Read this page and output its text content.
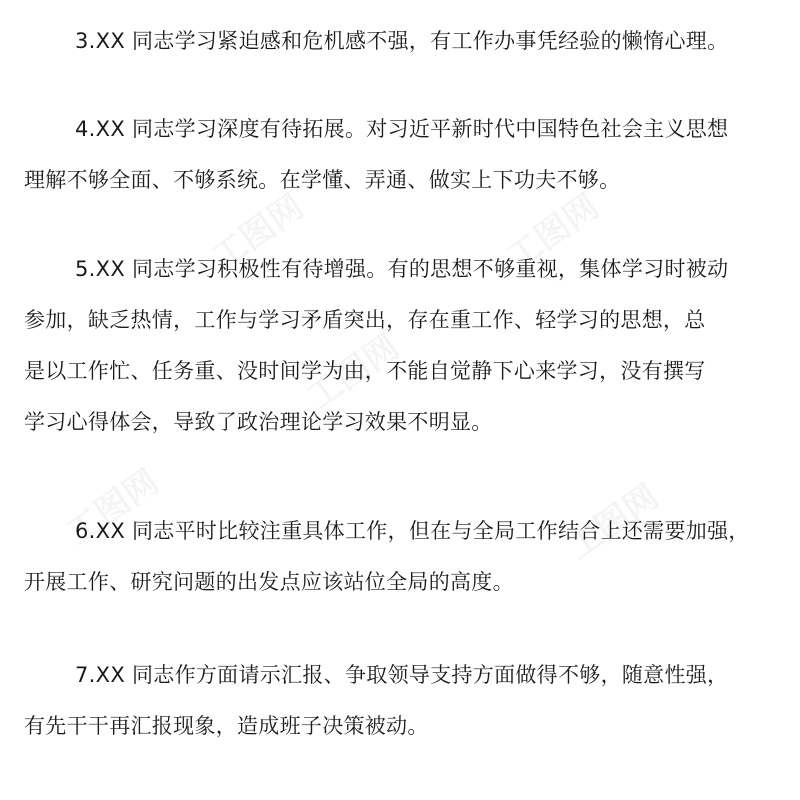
3.XX 同志学习紧迫感和危机感不强，有工作办事凭经验的懒惰心理。

4.XX 同志学习深度有待拓展。对习近平新时代中国特色社会主义思想
理解不够全面、不够系统。在学懂、弄通、做实上下功夫不够。

5.XX 同志学习积极性有待增强。有的思想不够重视，集体学习时被动
参加，缺乏热情，工作与学习矛盾突出，存在重工作、轻学习的思想，总
是以工作忙、任务重、没时间学为由，不能自觉静下心来学习，没有撰写
学习心得体会，导致了政治理论学习效果不明显。

6.XX 同志平时比较注重具体工作，但在与全局工作结合上还需要加强，
开展工作、研究问题的出发点应该站位全局的高度。

7.XX 同志作方面请示汇报、争取领导支持方面做得不够，随意性强，
有先干干再汇报现象，造成班子决策被动。
